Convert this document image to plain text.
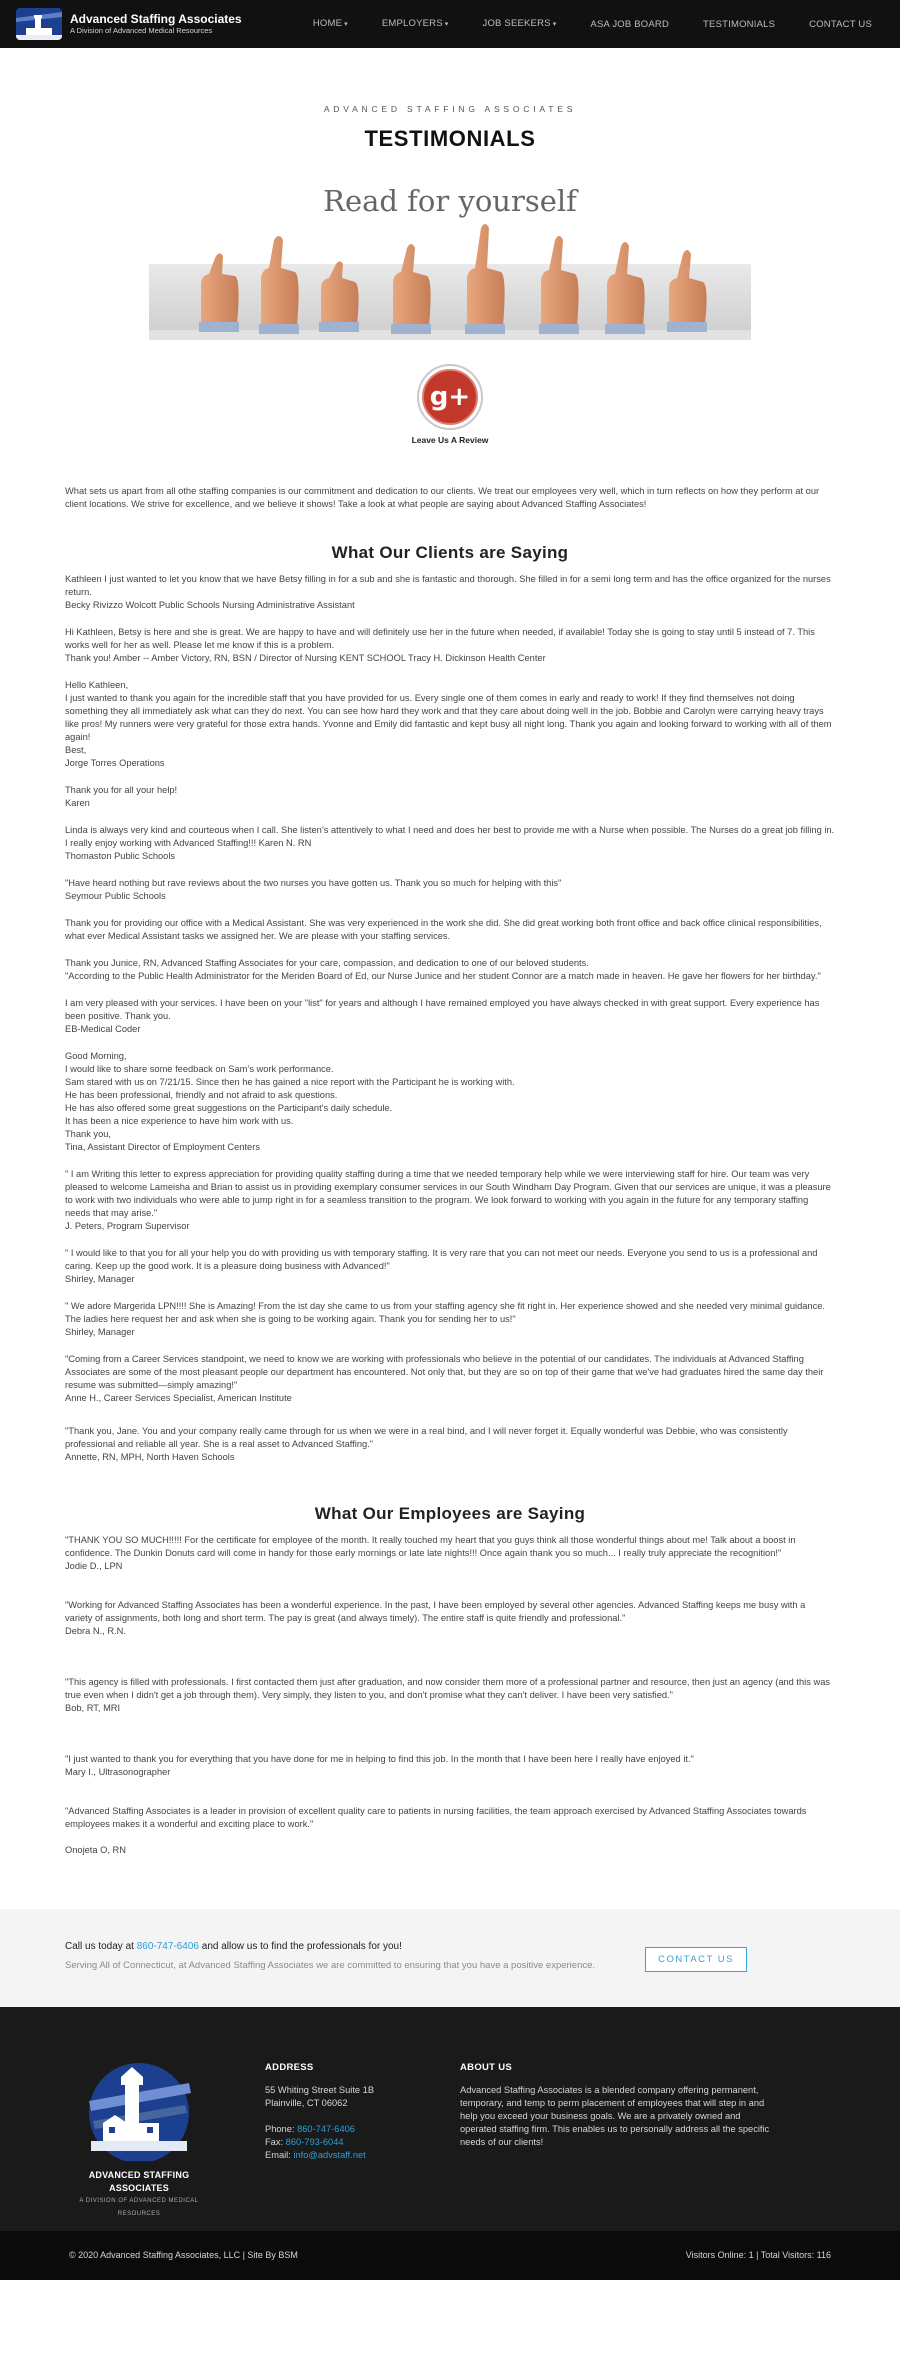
Advanced Staffing Associates
A Division of Advanced Medical Resources
HOME ▾	EMPLOYERS ▾	JOB SEEKERS ▾	ASA JOB BOARD	TESTIMONIALS	CONTACT US
ADVANCED STAFFING ASSOCIATES
TESTIMONIALS
Read for yourself
g+
Leave Us A Review

What sets us apart from all othe staffing companies is our commitment and dedication to our clients. We treat our employees very well, which in turn reflects on how they perform at our client locations. We strive for excellence, and we believe it shows! Take a look at what people are saying about Advanced Staffing Associates!

What Our Clients are Saying

Kathleen I just wanted to let you know that we have Betsy filling in for a sub and she is fantastic and thorough. She filled in for a semi long term and has the office organized for the nurses return.
Becky Rivizzo Wolcott Public Schools Nursing Administrative Assistant

Hi Kathleen, Betsy is here and she is great. We are happy to have and will definitely use her in the future when needed, if available! Today she is going to stay until 5 instead of 7. This works well for her as well. Please let me know if this is a problem.
Thank you! Amber -- Amber Victory, RN, BSN / Director of Nursing KENT SCHOOL Tracy H. Dickinson Health Center

Hello Kathleen,
I just wanted to thank you again for the incredible staff that you have provided for us. Every single one of them comes in early and ready to work! If they find themselves not doing something they all immediately ask what can they do next. You can see how hard they work and that they care about doing well in the job. Bobbie and Carolyn were carrying heavy trays like pros! My runners were very grateful for those extra hands. Yvonne and Emily did fantastic and kept busy all night long. Thank you again and looking forward to working with all of them again!
Best,
Jorge Torres Operations

Thank you for all your help!
Karen

Linda is always very kind and courteous when I call. She listen’s attentively to what I need and does her best to provide me with a Nurse when possible. The Nurses do a great job filling in. I really enjoy working with Advanced Staffing!!! Karen N. RN
Thomaston Public Schools

"Have heard nothing but rave reviews about the two nurses you have gotten us. Thank you so much for helping with this"
Seymour Public Schools

Thank you for providing our office with a Medical Assistant. She was very experienced in the work she did. She did great working both front office and back office clinical responsibilities, what ever Medical Assistant tasks we assigned her. We are please with your staffing services.

Thank you Junice, RN, Advanced Staffing Associates for your care, compassion, and dedication to one of our beloved students.
"According to the Public Health Administrator for the Meriden Board of Ed, our Nurse Junice and her student Connor are a match made in heaven. He gave her flowers for her birthday."

I am very pleased with your services. I have been on your "list" for years and although I have remained employed you have always checked in with great support. Every experience has been positive. Thank you.
EB-Medical Coder

Good Morning,
I would like to share some feedback on Sam’s work performance.
Sam stared with us on 7/21/15. Since then he has gained a nice report with the Participant he is working with.
He has been professional, friendly and not afraid to ask questions.
He has also offered some great suggestions on the Participant's daily schedule.
It has been a nice experience to have him work with us.
Thank you,
Tina, Assistant Director of Employment Centers

" I am Writing this letter to express appreciation for providing quality staffing during a time that we needed temporary help while we were interviewing staff for hire. Our team was very pleased to welcome Lameisha and Brian to assist us in providing exemplary consumer services in our South Windham Day Program. Given that our services are unique, it was a pleasure to work with two individuals who were able to jump right in for a seamless transition to the program. We look forward to working with you again in the future for any temporary staffing needs that may arise."
J. Peters, Program Supervisor

" I would like to that you for all your help you do with providing us with temporary staffing. It is very rare that you can not meet our needs. Everyone you send to us is a professional and caring. Keep up the good work. It is a pleasure doing business with Advanced!"
Shirley, Manager

" We adore Margerida LPN!!!! She is Amazing! From the ist day she came to us from your staffing agency she fit right in. Her experience showed and she needed very minimal guidance. The ladies here request her and ask when she is going to be working again. Thank you for sending her to us!"
Shirley, Manager

"Coming from a Career Services standpoint, we need to know we are working with professionals who believe in the potential of our candidates. The individuals at Advanced Staffing Associates are some of the most pleasant people our department has encountered. Not only that, but they are so on top of their game that we've had graduates hired the same day their resume was submitted—simply amazing!"
Anne H., Career Services Specialist, American Institute

"Thank you, Jane. You and your company really came through for us when we were in a real bind, and I will never forget it. Equally wonderful was Debbie, who was consistently professional and reliable all year. She is a real asset to Advanced Staffing."
Annette, RN, MPH, North Haven Schools

What Our Employees are Saying

"THANK YOU SO MUCH!!!!! For the certificate for employee of the month. It really touched my heart that you guys think all those wonderful things about me! Talk about a boost in confidence. The Dunkin Donuts card will come in handy for those early mornings or late late nights!!! Once again thank you so much... I really truly appreciate the recognition!"
Jodie D., LPN

"Working for Advanced Staffing Associates has been a wonderful experience. In the past, I have been employed by several other agencies. Advanced Staffing keeps me busy with a variety of assignments, both long and short term. The pay is great (and always timely). The entire staff is quite friendly and professional."
Debra N., R.N.

"This agency is filled with professionals. I first contacted them just after graduation, and now consider them more of a professional partner and resource, then just an agency (and this was true even when I didn't get a job through them). Very simply, they listen to you, and don't promise what they can't deliver. I have been very satisfied."
Bob, RT, MRI

"I just wanted to thank you for everything that you have done for me in helping to find this job. In the month that I have been here I really have enjoyed it."
Mary I., Ultrasonographer

"Advanced Staffing Associates is a leader in provision of excellent quality care to patients in nursing facilities, the team approach exercised by Advanced Staffing Associates towards employees makes it a wonderful and exciting place to work."

Onojeta O, RN

Call us today at 860-747-6406 and allow us to find the professionals for you!
Serving All of Connecticut, at Advanced Staffing Associates we are committed to ensuring that you have a positive experience.
CONTACT US
ADVANCED STAFFING ASSOCIATES
A DIVISION OF ADVANCED MEDICAL RESOURCES
ADDRESS
55 Whiting Street Suite 1B
Plainville, CT 06062
Phone: 860-747-6406
Fax: 860-793-6044
Email: info@advstaff.net
ABOUT US

Advanced Staffing Associates is a blended company offering permanent, temporary, and temp to perm placement of employees that will step in and help you exceed your business goals. We are a privately owned and operated staffing firm. This enables us to personally address all the specific needs of our clients!

© 2020 Advanced Staffing Associates, LLC | Site By BSM	Visitors Online: 1 | Total Visitors: 116
